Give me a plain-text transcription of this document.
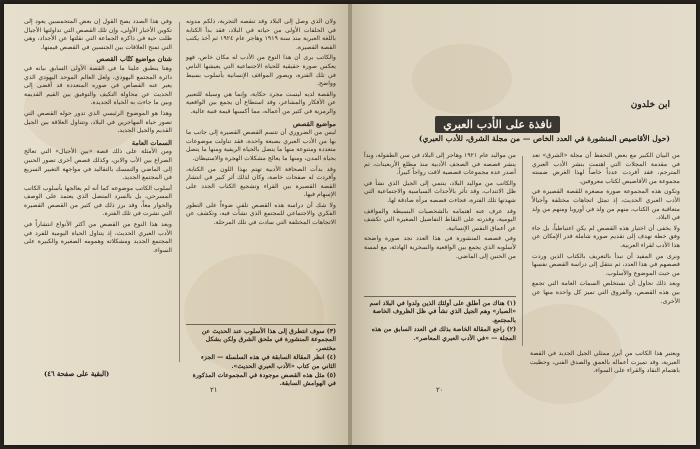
وفي هذا الصدد يصح القول إن بعض المتحمسين يعود إلى تكوين الأخبار الأولى، وإن تلك القصص التي تداولتها الأجيال ظلت حية في ذاكرة الجماعة التي نقلتها عن الأجداد، وهي التي تمنح العلاقات بين الجنسين في القصص قيمتها.

شتان مواضيع كتّاب القصص

وهنا ينطبق علينا ما في القصة الأولى السابق بيانه في دائرة المجتمع اليهودي، ولعل العالم الموحد اليهودي الذي يعبر عنه القصاص في صوره المتعددة قد أفضى إلى الحديث عن محاولة التكيف والتوفيق بين القيم القديمة وبين ما جاءت به الحياة الجديدة.

وهذا هو الموضوع الرئيسي الذي تدور حوله القصص التي تصور حياة المهاجرين في البلاد، وتتناول العلاقة بين الجيل القديم والجيل الجديد.

السمات العامة

ومن الأمثلة على ذلك قصة «بين الأجيال» التي تعالج الصراع بين الأب والابن، وكذلك قصص أخرى تصور الحنين إلى الماضي والتمسك بالتقاليد في مواجهة التغيير السريع في المجتمع الجديد.

أسلوب الكاتب موضوعه كما أنه لم يعالجها بأسلوب الكاتب المسرحي، بل بالسرد المتصل الذي يعتمد على الوصف والحوار معاً، وقد برز ذلك في كثير من القصص القصيرة التي نشرت في تلك الفترة.

ويعد هذا النوع من القصص من أكثر الأنواع انتشاراً في الأدب العبري الحديث، إذ يتناول الحياة اليومية للفرد في المجتمع الجديد ومشكلاته وهمومه الصغيرة والكبيرة على السواء.

ولان الذي وصل إلى البلاد وقد تنقصه التجربة، ذلكم مدونه في الحلقات الأولى من حياته في البلاد، فقد بدأ الكتابة باللغة العبرية منذ سنة ١٩١٩ وهاجر عام ١٩٢٤ ثم أخذ يكتب القصة القصيرة.

والكاتب يرى أن هذا النوع من الأدب له مكان خاص، فهو يعكس صورة حقيقية للحياة الاجتماعية التي يعيشها الناس في تلك الفترة، ويصور المواقف الإنسانية بأسلوب بسيط وواضح.

والقصة لديه ليست مجرد حكاية، وإنما هي وسيلة للتعبير عن الأفكار والمشاعر، وقد استطاع أن يجمع بين الواقعية والرمزية في كثير من أعماله، مما أكسبها قيمة فنية عالية.

مواضيع القصص

ليس من الضروري أن تتسم القصص القصيرة إلى جانب ما بها من الأدب العبري بصبغة واحدة، فقد تناولت موضوعات متعددة ومتنوعة منها ما يتصل بالحياة الريفية ومنها ما يتصل بحياة المدن، ومنها ما يعالج مشكلات الهجرة والاستيطان.

وقد بدأت الصحافة الأدبية تهتم بهذا اللون من الكتابة، وأفردت له صفحات خاصة، وكان لذلك أثر كبير في انتشار القصة القصيرة بين القراء وتشجيع الكتاب الجدد على الإسهام فيها.

ولا شك أن دراسة هذه القصص تلقي ضوءاً على التطور الفكري والاجتماعي للمجتمع الذي نشأت فيه، وتكشف عن الاتجاهات المختلفة التي سادت في تلك المرحلة.

(٣) سوف انتطرق إلى هذا الأسلوب عند الحديث عن المجموعة المنشورة في ملحق الشرق ولكن بشكل مختصر.
(٤) انظر المقالة السابقة في هذه السلسلة — الجزء الثاني من كتاب «الأدب العبري الحديث».
(٥) مثل هذه القصص موجودة في المجموعات المذكورة في الهوامش السابقة.
(البقية على صفحة ٤٦)
٢١
ابن خلدون
نافذة على الأدب العبري
(حول الأقاصيص المنشورة في العدد الخاص — من مجلة الشرق، للأدب العبري)

من البيان الكبير مع بعض التحفظ أن مجلة «الشرق» تعد في مقدمة المجلات التي اهتمت بنشر الأدب العبري المترجم، فقد أفردت عدداً خاصاً لهذا الغرض ضمنته مجموعة من الأقاصيص لكتاب معروفين.

وتكون هذه المجموعة صورة مصغرة للقصة القصيرة في الأدب العبري الحديث، إذ تمثل اتجاهات مختلفة وأجيالاً متعاقبة من الكتاب، منهم من ولد في أوروبا ومنهم من ولد في البلاد.

ولا يخفى أن اختيار هذه القصص لم يكن اعتباطياً، بل جاء وفق خطة تهدف إلى تقديم صورة شاملة قدر الإمكان عن هذا الأدب لقراء العربية.

ونرى من المفيد أن نبدأ بالتعريف بالكتاب الذين وردت قصصهم في هذا العدد، ثم ننتقل إلى دراسة القصص نفسها من حيث الموضوع والأسلوب.

وبعد ذلك نحاول أن نستخلص السمات العامة التي تجمع بين هذه القصص، والفروق التي تميز كل واحدة منها عن الأخرى.

من مواليد عام ١٩٢١ وهاجر إلى البلاد في سن الطفولة، وبدأ ينشر قصصه في الصحف الأدبية منذ مطلع الأربعينات، ثم أصدر عدة مجموعات قصصية لاقت رواجاً كبيراً.

والكاتب من مواليد البلاد، ينتمي إلى الجيل الذي نشأ في ظل الانتداب، وقد تأثر بالأحداث السياسية والاجتماعية التي شهدتها تلك الفترة، فجاءت قصصه مرآة صادقة لها.

وقد عرف عنه اهتمامه بالشخصيات البسيطة والمواقف اليومية، وقدرته على التقاط التفاصيل الصغيرة التي تكشف عن أعماق النفس الإنسانية.

وفي قصصه المنشورة في هذا العدد نجد صورة واضحة لأسلوبه الذي يجمع بين الواقعية والسخرية الهادئة، مع لمسة من الحنين إلى الماضي.

(١) هناك من أطلق على أولئك الذين ولدوا في البلاد اسم «الصبار» وهم الجيل الذي نشأ في ظل الظروف الخاصة بالمجتمع.
(٢) راجع المقالة الخاصة بذلك في العدد السابق من هذه المجلة — «في الأدب العبري المعاصر».
ويعتبر هذا الكاتب من أبرز ممثلي الجيل الجديد في القصة العبرية، وقد تميزت أعماله بالعمق والصدق الفني، وحظيت باهتمام النقاد والقراء على السواء.
٢٠
